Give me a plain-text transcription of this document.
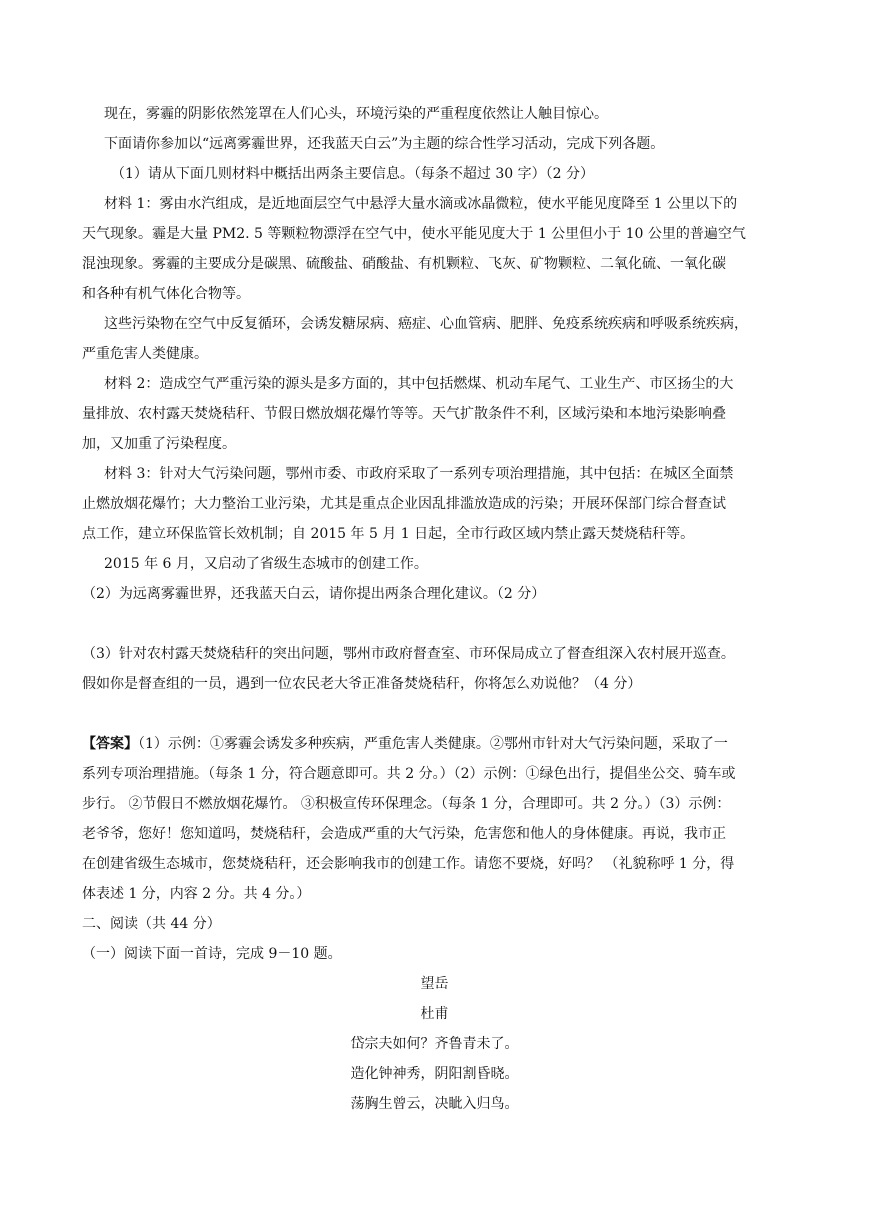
现在，雾霾的阴影依然笼罩在人们心头，环境污染的严重程度依然让人触目惊心。
下面请你参加以“远离雾霾世界，还我蓝天白云”为主题的综合性学习活动，完成下列各题。
（1）请从下面几则材料中概括出两条主要信息。（每条不超过 30 字）（2 分）
材料 1：雾由水汽组成，是近地面层空气中悬浮大量水滴或冰晶微粒，使水平能见度降至 1 公里以下的
天气现象。霾是大量 PM2. 5 等颗粒物漂浮在空气中，使水平能见度大于 1 公里但小于 10 公里的普遍空气
混浊现象。雾霾的主要成分是碳黑、硫酸盐、硝酸盐、有机颗粒、飞灰、矿物颗粒、二氧化硫、一氧化碳
和各种有机气体化合物等。
这些污染物在空气中反复循环，会诱发糖尿病、癌症、心血管病、肥胖、免疫系统疾病和呼吸系统疾病，
严重危害人类健康。
材料 2：造成空气严重污染的源头是多方面的，其中包括燃煤、机动车尾气、工业生产、市区扬尘的大
量排放、农村露天焚烧秸秆、节假日燃放烟花爆竹等等。天气扩散条件不利，区域污染和本地污染影响叠
加，又加重了污染程度。
材料 3：针对大气污染问题，鄂州市委、市政府采取了一系列专项治理措施，其中包括：在城区全面禁
止燃放烟花爆竹；大力整治工业污染，尤其是重点企业因乱排滥放造成的污染；开展环保部门综合督查试
点工作，建立环保监管长效机制；自 2015 年 5 月 1 日起，全市行政区域内禁止露天焚烧秸秆等。
2015 年 6 月，又启动了省级生态城市的创建工作。
（2）为远离雾霾世界，还我蓝天白云，请你提出两条合理化建议。（2 分）
（3）针对农村露天焚烧秸秆的突出问题，鄂州市政府督查室、市环保局成立了督查组深入农村展开巡查。
假如你是督查组的一员，遇到一位农民老大爷正准备焚烧秸秆，你将怎么劝说他？（4 分）
【答案】（1）示例：①雾霾会诱发多种疾病，严重危害人类健康。②鄂州市针对大气污染问题，采取了一
系列专项治理措施。（每条 1 分，符合题意即可。共 2 分。）（2）示例：①绿色出行，提倡坐公交、骑车或
步行。 ②节假日不燃放烟花爆竹。 ③积极宣传环保理念。（每条 1 分，合理即可。共 2 分。）（3）示例：
老爷爷，您好！您知道吗，焚烧秸秆，会造成严重的大气污染，危害您和他人的身体健康。再说，我市正
在创建省级生态城市，您焚烧秸秆，还会影响我市的创建工作。请您不要烧，好吗？ （礼貌称呼 1 分，得
体表述 1 分，内容 2 分。共 4 分。）
二、阅读（共 44 分）
（一）阅读下面一首诗，完成 9－10 题。
望岳
杜甫
岱宗夫如何？齐鲁青未了。
造化钟神秀，阴阳割昏晓。
荡胸生曾云，决眦入归鸟。
